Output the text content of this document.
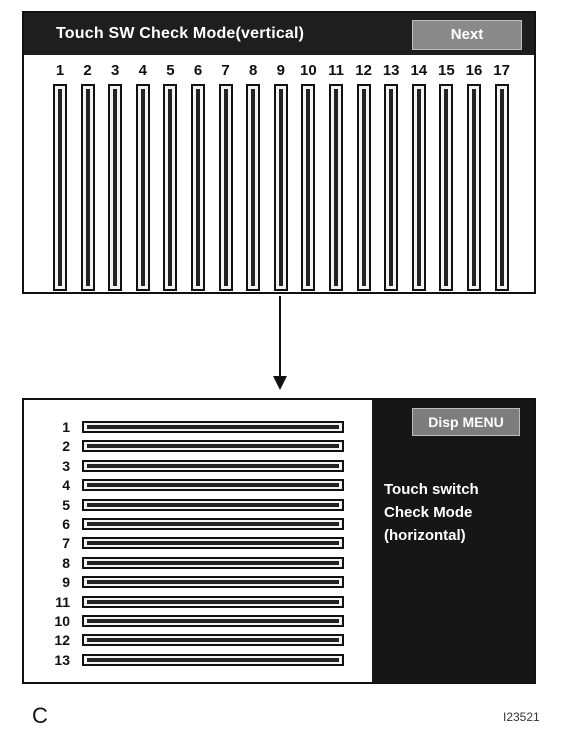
Touch SW Check Mode(vertical)	Next
1	2	3	4	5	6	7	8	9	10 11 12 13 14 15 16 17
1
2
3
4
5
6
7
8
9
11
10
12
13
Disp MENU
Touch switch
Check Mode
(horizontal)
C	I23521
